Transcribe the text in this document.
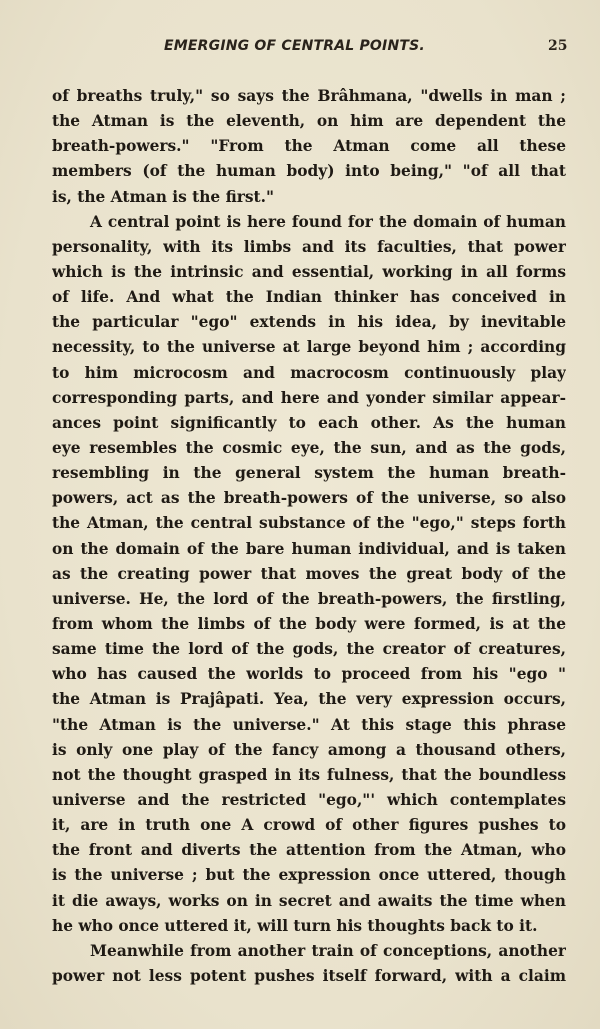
EMERGING OF CENTRAL POINTS.	25
of breaths truly," so says the Brâhmana, "dwells in man ;
the Atman is the eleventh, on him are dependent the
breath-powers." "From the Atman come all these
members (of the human body) into being," "of all that
is, the Atman is the first."
A central point is here found for the domain of human
personality, with its limbs and its faculties, that power
which is the intrinsic and essential, working in all forms
of life. And what the Indian thinker has conceived in
the particular "ego" extends in his idea, by inevitable
necessity, to the universe at large beyond him ; according
to him microcosm and macrocosm continuously play
corresponding parts, and here and yonder similar appear-
ances point significantly to each other. As the human
eye resembles the cosmic eye, the sun, and as the gods,
resembling in the general system the human breath-
powers, act as the breath-powers of the universe, so also
the Atman, the central substance of the "ego," steps forth
on the domain of the bare human individual, and is taken
as the creating power that moves the great body of the
universe. He, the lord of the breath-powers, the firstling,
from whom the limbs of the body were formed, is at the
same time the lord of the gods, the creator of creatures,
who has caused the worlds to proceed from his "ego "
the Atman is Prajâpati. Yea, the very expression occurs,
"the Atman is the universe." At this stage this phrase
is only one play of the fancy among a thousand others,
not the thought grasped in its fulness, that the boundless
universe and the restricted "ego,"' which contemplates
it, are in truth one A crowd of other figures pushes to
the front and diverts the attention from the Atman, who
is the universe ; but the expression once uttered, though
it die aways, works on in secret and awaits the time when
he who once uttered it, will turn his thoughts back to it.
Meanwhile from another train of conceptions, another
power not less potent pushes itself forward, with a claim
